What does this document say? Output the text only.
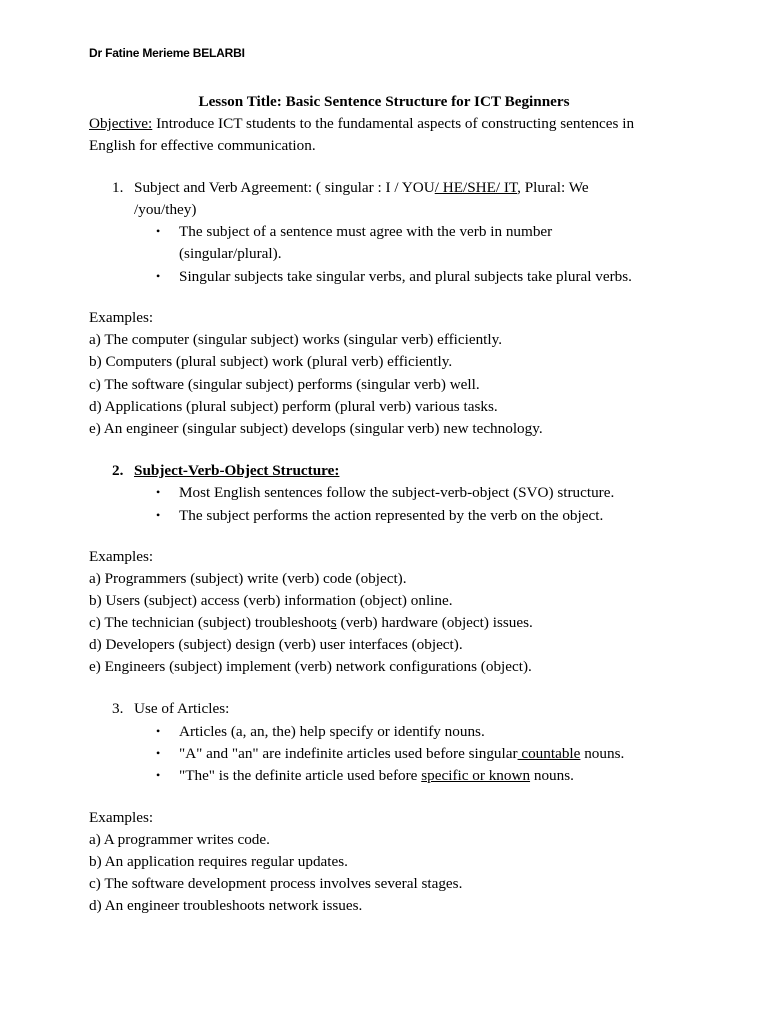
Dr Fatine Merieme BELARBI
Lesson Title: Basic Sentence Structure for ICT Beginners
Objective: Introduce ICT students to the fundamental aspects of constructing sentences in
English for effective communication.
1. Subject and Verb Agreement: ( singular : I / YOU/ HE/SHE/ IT, Plural: We
/you/they)
• The subject of a sentence must agree with the verb in number
(singular/plural).
• Singular subjects take singular verbs, and plural subjects take plural verbs.
Examples:
a) The computer (singular subject) works (singular verb) efficiently.
b) Computers (plural subject) work (plural verb) efficiently.
c) The software (singular subject) performs (singular verb) well.
d) Applications (plural subject) perform (plural verb) various tasks.
e) An engineer (singular subject) develops (singular verb) new technology.
2. Subject-Verb-Object Structure:
• Most English sentences follow the subject-verb-object (SVO) structure.
• The subject performs the action represented by the verb on the object.
Examples:
a) Programmers (subject) write (verb) code (object).
b) Users (subject) access (verb) information (object) online.
c) The technician (subject) troubleshoots (verb) hardware (object) issues.
d) Developers (subject) design (verb) user interfaces (object).
e) Engineers (subject) implement (verb) network configurations (object).
3. Use of Articles:
• Articles (a, an, the) help specify or identify nouns.
• "A" and "an" are indefinite articles used before singular countable nouns.
• "The" is the definite article used before specific or known nouns.
Examples:
a) A programmer writes code.
b) An application requires regular updates.
c) The software development process involves several stages.
d) An engineer troubleshoots network issues.
